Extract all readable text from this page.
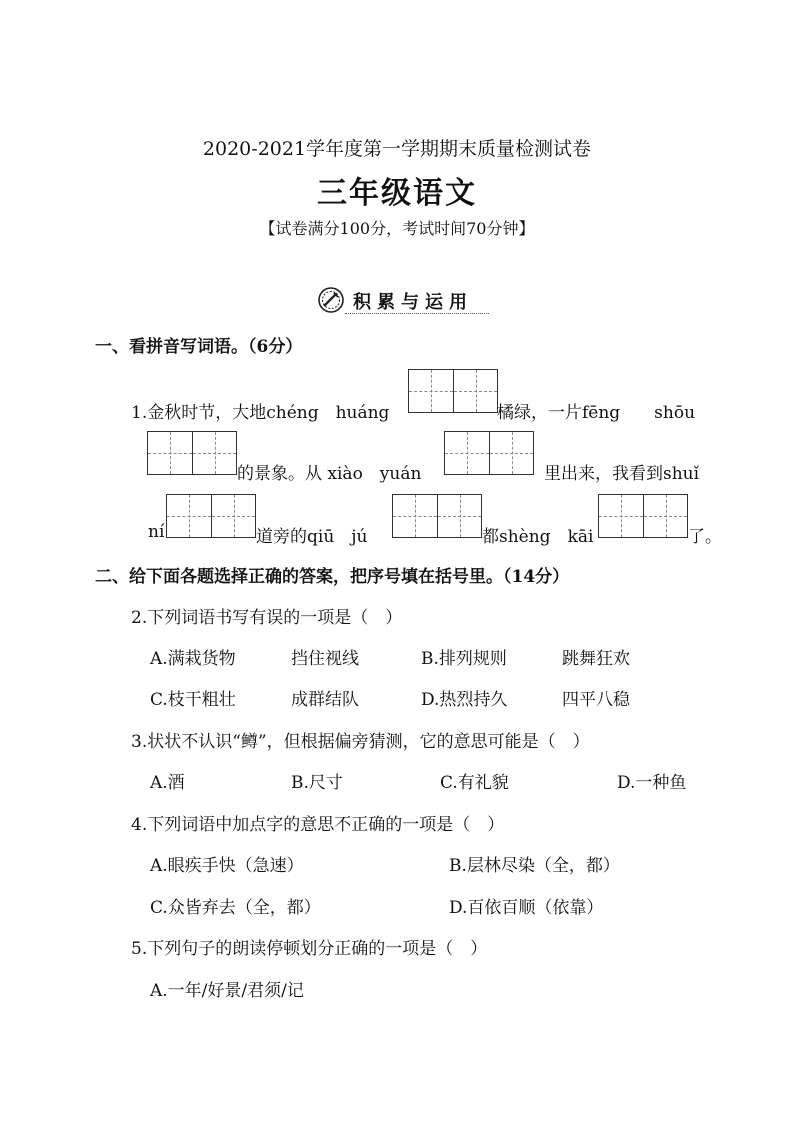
2020-2021学年度第一学期期末质量检测试卷
三年级语文
【试卷满分100分，考试时间70分钟】
积累与运用
一、看拼音写词语。（6分）
1.金秋时节，大地chéng　huáng	橘绿，一片fēng　　shōu
的景象。从 xiào　yuán	里出来，我看到shuǐ
ní	道旁的qiū　jú	都shèng　kāi	了。
二、给下面各题选择正确的答案，把序号填在括号里。（14分）
2.下列词语书写有误的一项是（　）
A.满栽货物	挡住视线	B.排列规则	跳舞狂欢
C.枝干粗壮	成群结队	D.热烈持久	四平八稳
3.状状不认识“鳟”，但根据偏旁猜测，它的意思可能是（　）
A.酒	B.尺寸	C.有礼貌	D.一种鱼
4.下列词语中加点字的意思不正确的一项是（　）
A.眼疾手快（急速）	B.层林尽染（全，都）
C.众皆弃去（全，都）	D.百依百顺（依靠）
5.下列句子的朗读停顿划分正确的一项是（　）
A.一年/好景/君须/记
